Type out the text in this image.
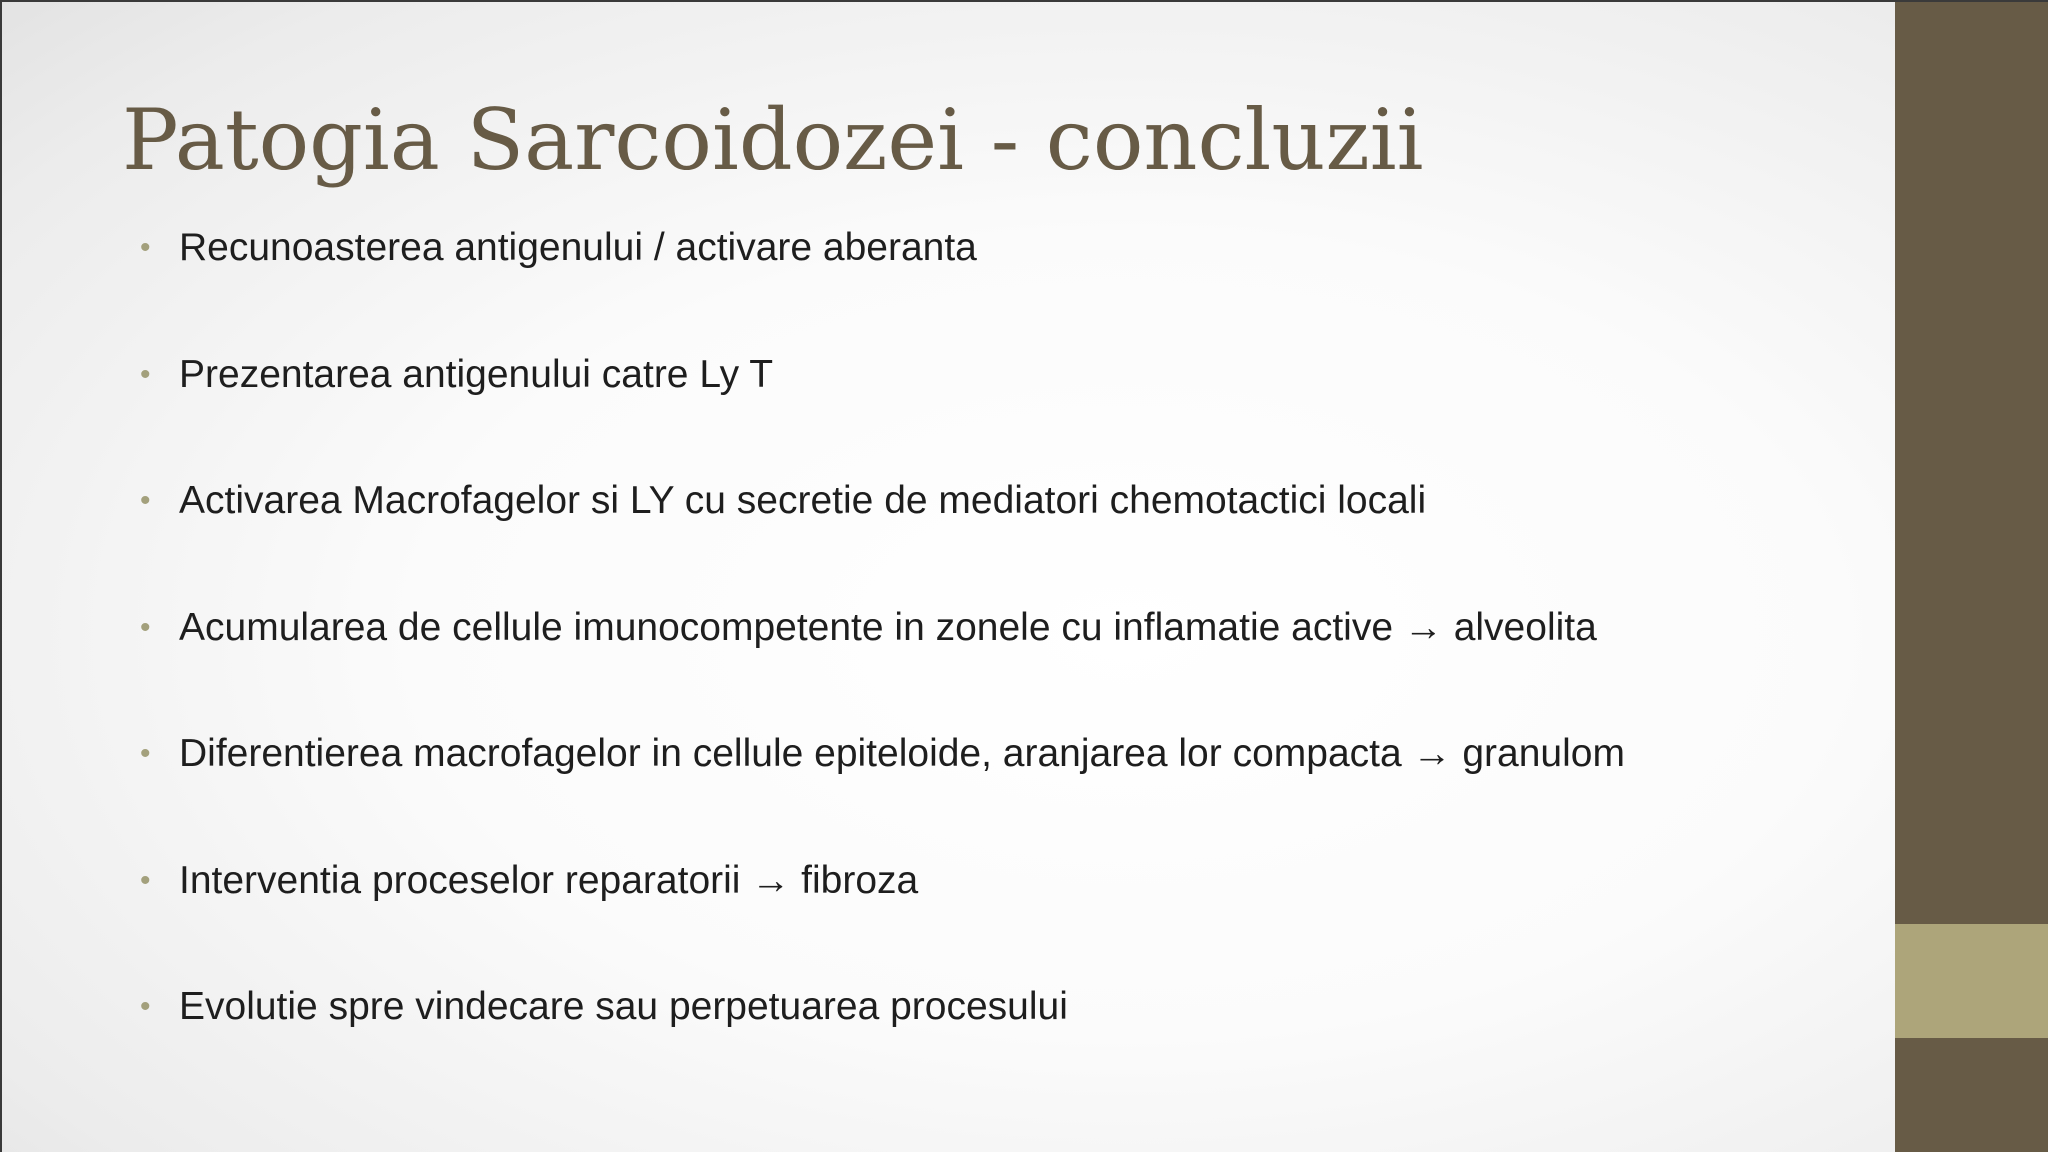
Patogia Sarcoidozei - concluzii
• Recunoasterea antigenului / activare aberanta
• Prezentarea antigenului catre Ly T
• Activarea Macrofagelor si LY cu secretie de mediatori chemotactici locali
• Acumularea de cellule imunocompetente in zonele cu inflamatie active
→
alveolita
• Diferentierea macrofagelor in cellule epiteloide, aranjarea lor compacta
→
granulom
• Interventia proceselor reparatorii
→
fibroza
• Evolutie spre vindecare sau perpetuarea procesului
